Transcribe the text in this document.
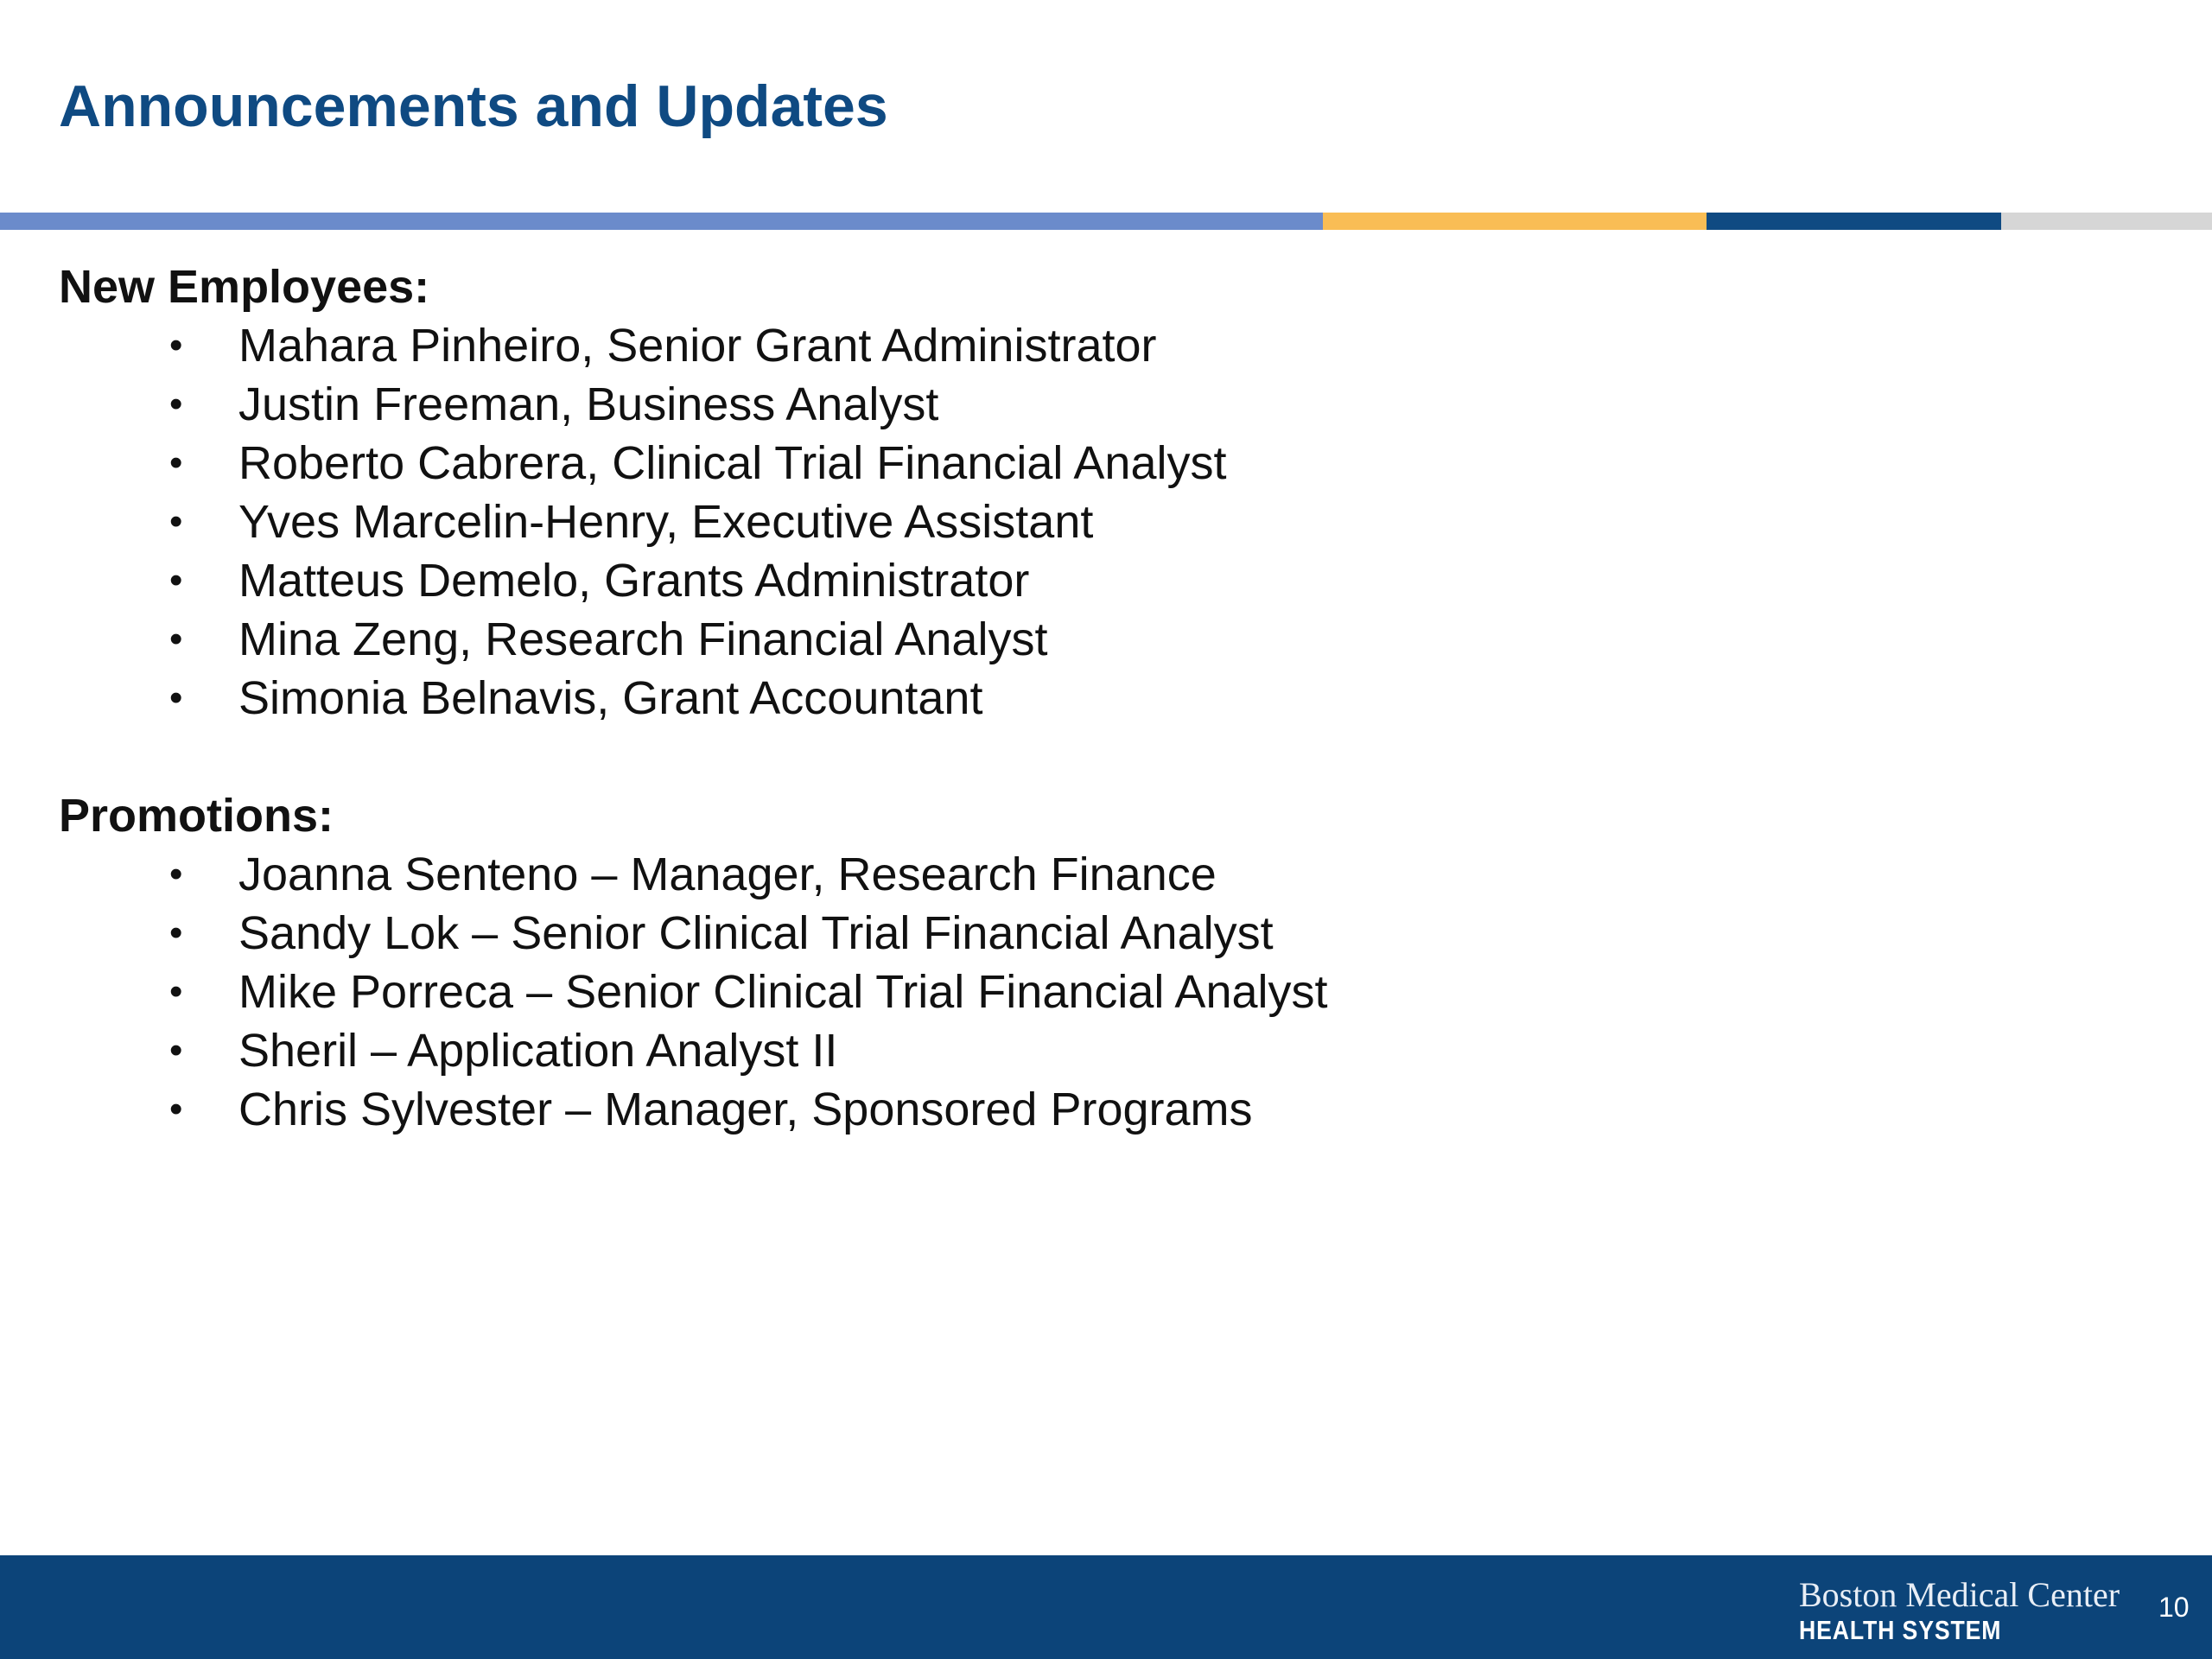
Announcements and Updates
New Employees:
• Mahara Pinheiro, Senior Grant Administrator
• Justin Freeman, Business Analyst
• Roberto Cabrera, Clinical Trial Financial Analyst
• Yves Marcelin-Henry, Executive Assistant
• Matteus Demelo, Grants Administrator
• Mina Zeng, Research Financial Analyst
• Simonia Belnavis, Grant Accountant
Promotions:
• Joanna Senteno – Manager, Research Finance
• Sandy Lok – Senior Clinical Trial Financial Analyst
• Mike Porreca – Senior Clinical Trial Financial Analyst
• Sheril – Application Analyst II
• Chris Sylvester – Manager, Sponsored Programs
Boston Medical Center
HEALTH SYSTEM
10
